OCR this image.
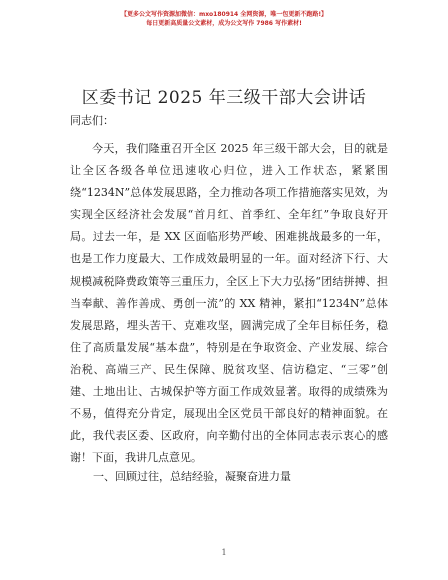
【更多公文写作资源加微信：mxo180914 全网资源，唯一包更新不跑路!】
每日更新高质量公文素材，成为公文写作 7986 写作素材!
区委书记 2025 年三级干部大会讲话
同志们：

今天，我们隆重召开全区 2025 年三级干部大会，目的就是让全区各级各单位迅速收心归位，进入工作状态，紧紧围绕“1234N”总体发展思路，全力推动各项工作措施落实见效，为实现全区经济社会发展“首月红、首季红、全年红”争取良好开局。过去一年，是 XX 区面临形势严峻、困难挑战最多的一年，也是工作力度最大、工作成效最明显的一年。面对经济下行、大规模减税降费政策等三重压力，全区上下大力弘扬“团结拼搏、担当奉献、善作善成、勇创一流”的 XX 精神，紧扣“1234N”总体发展思路，埋头苦干、克难攻坚，圆满完成了全年目标任务，稳住了高质量发展“基本盘”，特别是在争取资金、产业发展、综合治税、高端三产、民生保障、脱贫攻坚、信访稳定、“三零”创建、土地出让、古城保护等方面工作成效显著。取得的成绩殊为不易，值得充分肯定，展现出全区党员干部良好的精神面貌。在此，我代表区委、区政府，向辛勤付出的全体同志表示衷心的感谢！下面，我讲几点意见。

一、回顾过往，总结经验，凝聚奋进力量
1
